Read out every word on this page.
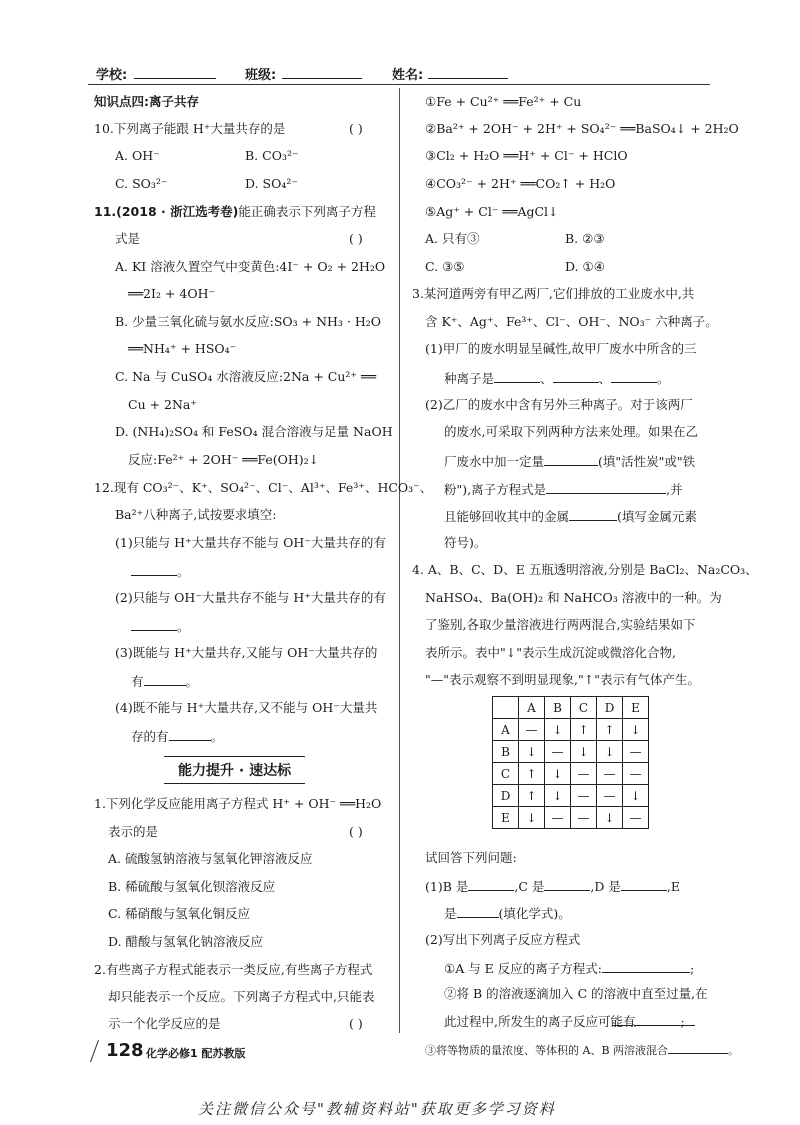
学校:	班级:	姓名:
知识点四:离子共存
10.下列离子能跟 H⁺大量共存的是	( )
A. OH⁻	B. CO₃²⁻
C. SO₃²⁻	D. SO₄²⁻
11.(2018 · 浙江选考卷)能正确表示下列离子方程
式是	( )
A. KI 溶液久置空气中变黄色:4I⁻ + O₂ + 2H₂O
══2I₂ + 4OH⁻
B. 少量三氧化硫与氨水反应:SO₃ + NH₃ · H₂O
══NH₄⁺ + HSO₄⁻
C. Na 与 CuSO₄ 水溶液反应:2Na + Cu²⁺ ══
Cu + 2Na⁺
D. (NH₄)₂SO₄ 和 FeSO₄ 混合溶液与足量 NaOH
反应:Fe²⁺ + 2OH⁻ ══Fe(OH)₂↓
12.现有 CO₃²⁻、K⁺、SO₄²⁻、Cl⁻、Al³⁺、Fe³⁺、HCO₃⁻、
Ba²⁺八种离子,试按要求填空:
(1)只能与 H⁺大量共存不能与 OH⁻大量共存的有
。
(2)只能与 OH⁻大量共存不能与 H⁺大量共存的有
。
(3)既能与 H⁺大量共存,又能与 OH⁻大量共存的
有	。
(4)既不能与 H⁺大量共存,又不能与 OH⁻大量共
存的有	。
能力提升 · 速达标
1.下列化学反应能用离子方程式 H⁺ + OH⁻ ══H₂O
表示的是	( )
A. 硫酸氢钠溶液与氢氧化钾溶液反应
B. 稀硫酸与氢氧化钡溶液反应
C. 稀硝酸与氢氧化铜反应
D. 醋酸与氢氧化钠溶液反应
2.有些离子方程式能表示一类反应,有些离子方程式
却只能表示一个反应。下列离子方程式中,只能表
示一个化学反应的是	( )
①Fe + Cu²⁺ ══Fe²⁺ + Cu
②Ba²⁺ + 2OH⁻ + 2H⁺ + SO₄²⁻ ══BaSO₄↓ + 2H₂O
③Cl₂ + H₂O ══H⁺ + Cl⁻ + HClO
④CO₃²⁻ + 2H⁺ ══CO₂↑ + H₂O
⑤Ag⁺ + Cl⁻ ══AgCl↓
A. 只有③	B. ②③
C. ③⑤	D. ①④
3.某河道两旁有甲乙两厂,它们排放的工业废水中,共
含 K⁺、Ag⁺、Fe³⁺、Cl⁻、OH⁻、NO₃⁻ 六种离子。
(1)甲厂的废水明显呈碱性,故甲厂废水中所含的三
种离子是	、	、	。
(2)乙厂的废水中含有另外三种离子。对于该两厂
的废水,可采取下列两种方法来处理。如果在乙
厂废水中加一定量	(填"活性炭"或"铁
粉"),离子方程式是	,并
且能够回收其中的金属	(填写金属元素
符号)。
4. A、B、C、D、E 五瓶透明溶液,分别是 BaCl₂、Na₂CO₃、
NaHSO₄、Ba(OH)₂ 和 NaHCO₃ 溶液中的一种。为
了鉴别,各取少量溶液进行两两混合,实验结果如下
表所示。表中"↓"表示生成沉淀或微溶化合物,
"—"表示观察不到明显现象,"↑"表示有气体产生。
	A	B	C	D	E
A	—	↓	↑	↑	↓
B	↓	—	↓	↓	—
C	↑	↓	—	—	—
D	↑	↓	—	—	↓
E	↓	—	—	↓	—
试回答下列问题:
(1)B 是	,C 是	,D 是	,E
是	(填化学式)。
(2)写出下列离子反应方程式
①A 与 E 反应的离子方程式:	;
②将 B 的溶液逐滴加入 C 的溶液中直至过量,在
此过程中,所发生的离子反应可能有
128 化学必修1 配苏教版
关注微信公众号"教辅资料站"获取更多学习资料
、	;
③将等物质的量浓度、等体积的 A、B 两溶液混合	。
